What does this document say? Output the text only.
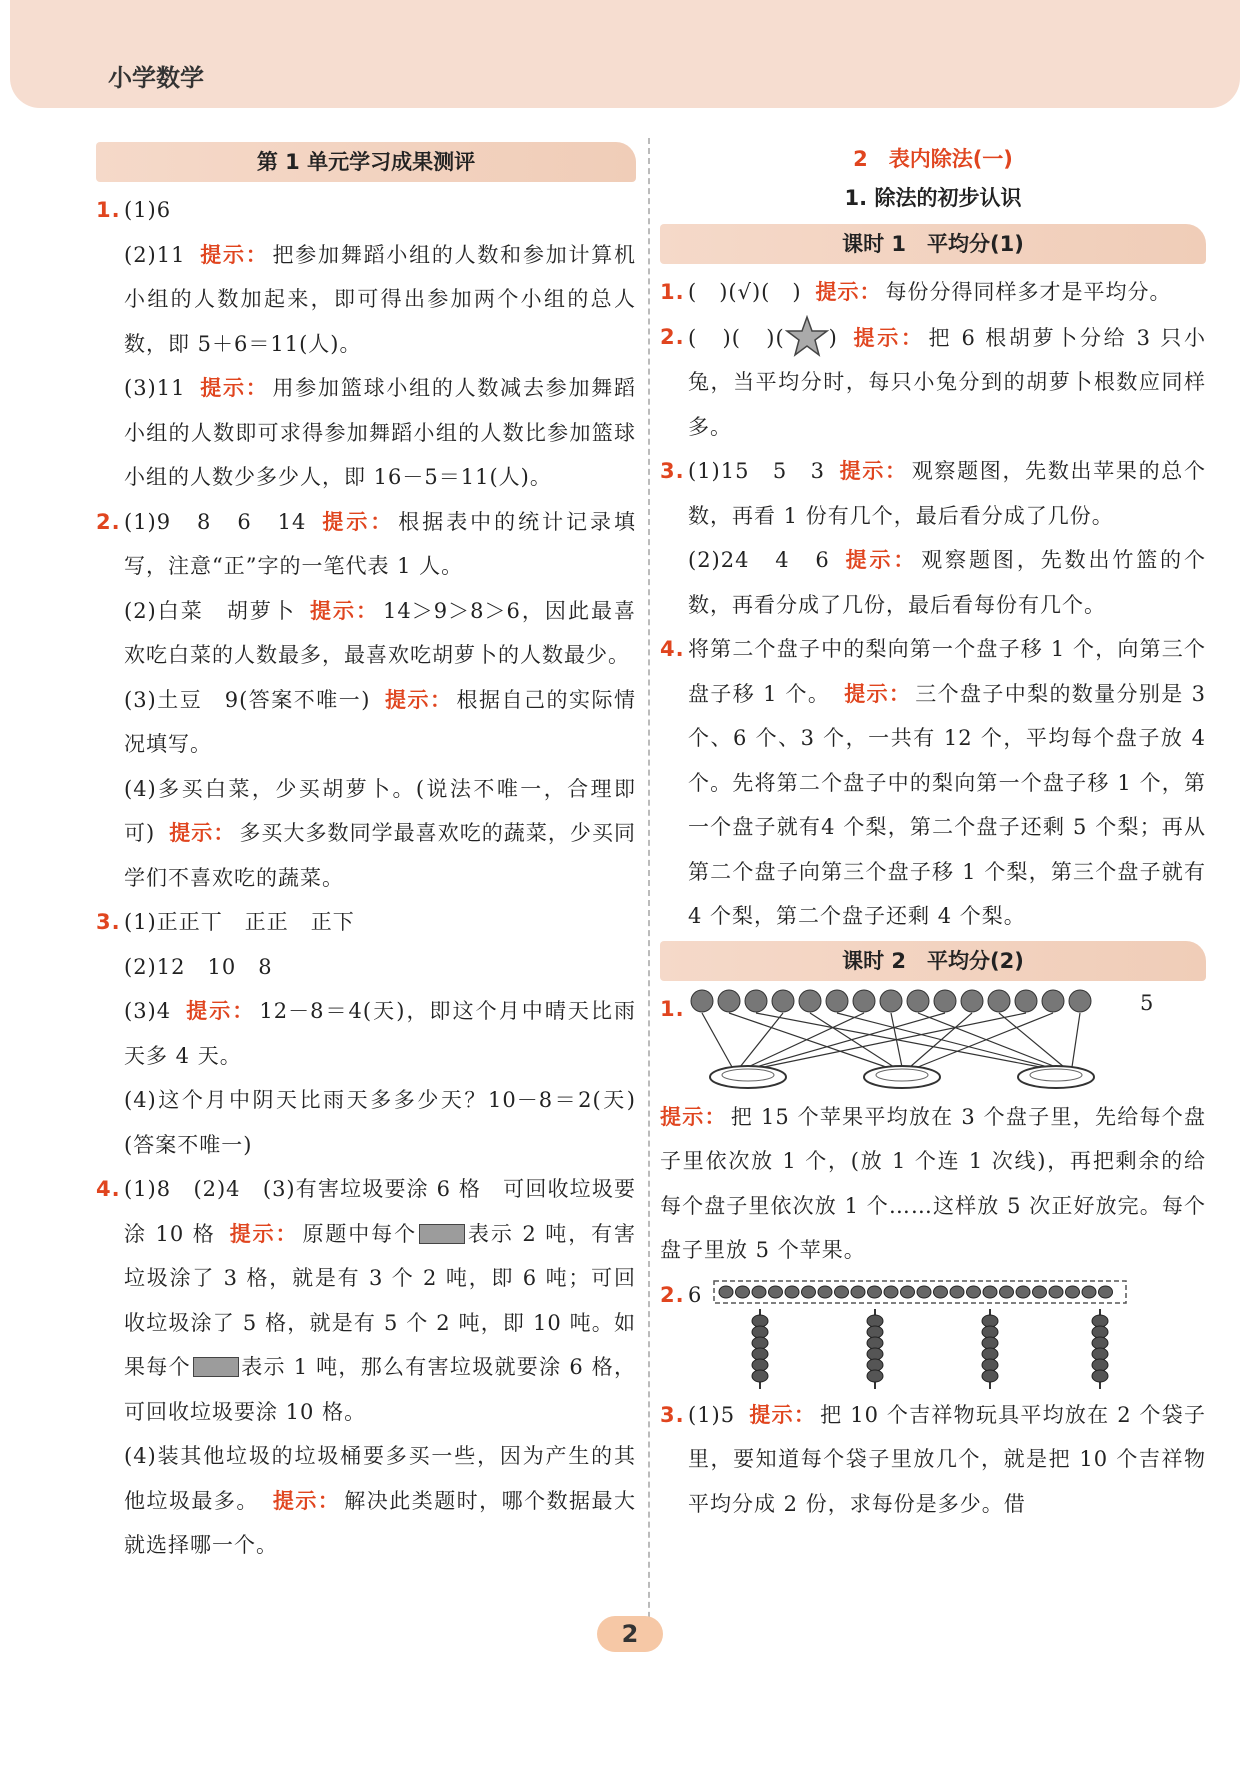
小学数学
第 1 单元学习成果测评
1. (1)6
(2)11 提示： 把参加舞蹈小组的人数和参加计算机小组的人数加起来，即可得出参加两个小组的总人数，即 5＋6＝11(人)。
(3)11 提示： 用参加篮球小组的人数减去参加舞蹈小组的人数即可求得参加舞蹈小组的人数比参加篮球小组的人数少多少人，即 16－5＝11(人)。
2. (1)9　8　6　14 提示： 根据表中的统计记录填写，注意“正”字的一笔代表 1 人。
(2)白菜　胡萝卜 提示： 14＞9＞8＞6，因此最喜欢吃白菜的人数最多，最喜欢吃胡萝卜的人数最少。
(3)土豆　9(答案不唯一) 提示： 根据自己的实际情况填写。
(4)多买白菜，少买胡萝卜。(说法不唯一，合理即可) 提示： 多买大多数同学最喜欢吃的蔬菜，少买同学们不喜欢吃的蔬菜。
3. (1)正正丅　正正　正下
(2)12　10　8
(3)4 提示： 12－8＝4(天)，即这个月中晴天比雨天多 4 天。
(4)这个月中阴天比雨天多多少天？10－8＝2(天)(答案不唯一)
4. (1)8　(2)4　(3)有害垃圾要涂 6 格　可回收垃圾要涂 10 格 提示： 原题中每个 表示 2 吨，有害垃圾涂了 3 格，就是有 3 个 2 吨，即 6 吨；可回收垃圾涂了 5 格，就是有 5 个 2 吨，即 10 吨。如果每个 表示 1 吨，那么有害垃圾就要涂 6 格，可回收垃圾要涂 10 格。
(4)装其他垃圾的垃圾桶要多买一些，因为产生的其他垃圾最多。 提示： 解决此类题时，哪个数据最大就选择哪一个。
2　表内除法(一)
1. 除法的初步认识
课时 1　平均分(1)
1. (　)(√)(　) 提示： 每份分得同样多才是平均分。
2. (　)(　)( ) 提示： 把 6 根胡萝卜分给 3 只小兔，当平均分时，每只小兔分到的胡萝卜根数应同样多。
3. (1)15　5　3 提示： 观察题图，先数出苹果的总个数，再看 1 份有几个，最后看分成了几份。
(2)24　4　6 提示： 观察题图，先数出竹篮的个数，再看分成了几份，最后看每份有几个。
4. 将第二个盘子中的梨向第一个盘子移 1 个，向第三个盘子移 1 个。 提示： 三个盘子中梨的数量分别是 3 个、6 个、3 个，一共有 12 个，平均每个盘子放 4 个。先将第二个盘子中的梨向第一个盘子移 1 个，第一个盘子就有4 个梨，第二个盘子还剩 5 个梨；再从第二个盘子向第三个盘子移 1 个梨，第三个盘子就有4 个梨，第二个盘子还剩 4 个梨。
课时 2　平均分(2)
1.	5
提示： 把 15 个苹果平均放在 3 个盘子里，先给每个盘子里依次放 1 个，(放 1 个连 1 次线)，再把剩余的给每个盘子里依次放 1 个……这样放 5 次正好放完。每个盘子里放 5 个苹果。
2. 6
3. (1)5 提示： 把 10 个吉祥物玩具平均放在 2 个袋子里，要知道每个袋子里放几个，就是把 10 个吉祥物平均分成 2 份，求每份是多少。借
2
